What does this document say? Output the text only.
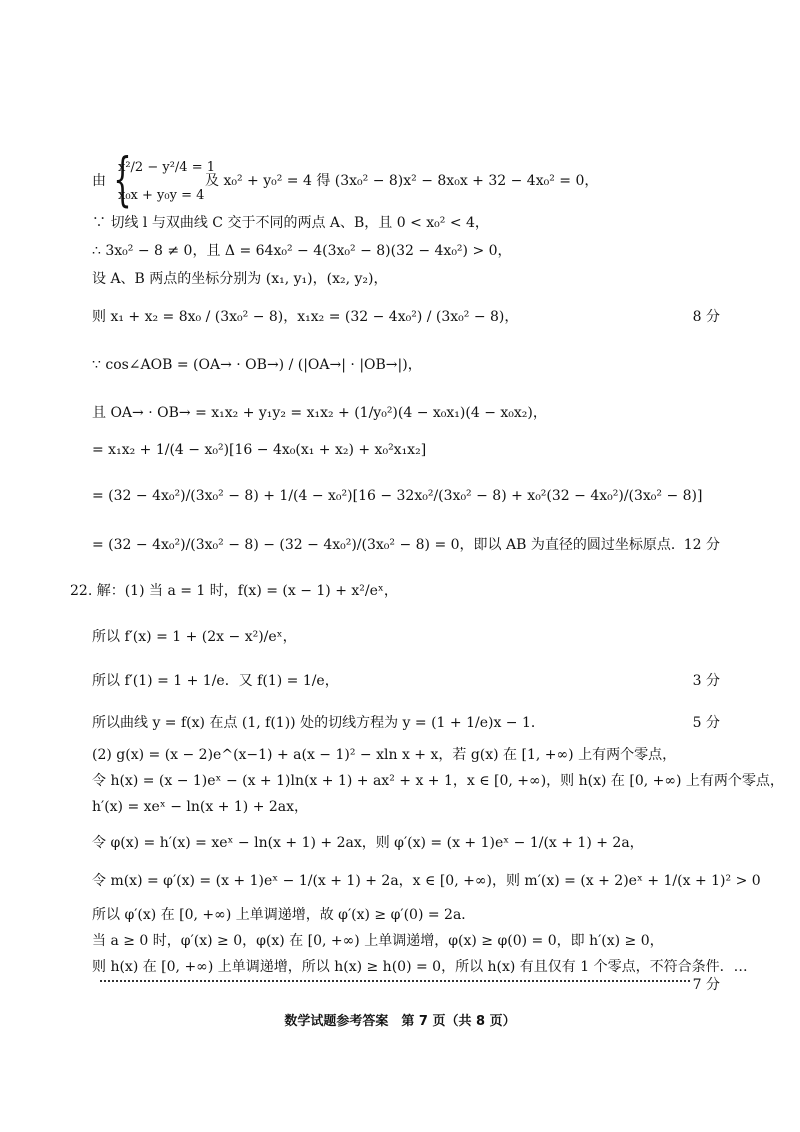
{
x²/2 − y²/4 = 1
x₀x + y₀y = 4
及 x₀² + y₀² = 4 得 (3x₀² − 8)x² − 8x₀x + 32 − 4x₀² = 0，
数学试题参考答案　第 7 页（共 8 页）
由
∵ 切线 l 与双曲线 C 交于不同的两点 A、B，且 0 < x₀² < 4，
∴ 3x₀² − 8 ≠ 0，且 Δ = 64x₀² − 4(3x₀² − 8)(32 − 4x₀²) > 0，
设 A、B 两点的坐标分别为 (x₁, y₁)，(x₂, y₂)，
则 x₁ + x₂ = 8x₀ / (3x₀² − 8)，x₁x₂ = (32 − 4x₀²) / (3x₀² − 8)，
∵ cos∠AOB = (OA→ · OB→) / (|OA→| · |OB→|)，
且 OA→ · OB→ = x₁x₂ + y₁y₂ = x₁x₂ + (1/y₀²)(4 − x₀x₁)(4 − x₀x₂)，
= x₁x₂ + 1/(4 − x₀²)[16 − 4x₀(x₁ + x₂) + x₀²x₁x₂]
= (32 − 4x₀²)/(3x₀² − 8) + 1/(4 − x₀²)[16 − 32x₀²/(3x₀² − 8) + x₀²(32 − 4x₀²)/(3x₀² − 8)]
= (32 − 4x₀²)/(3x₀² − 8) − (32 − 4x₀²)/(3x₀² − 8) = 0，即以 AB 为直径的圆过坐标原点．
22. 解：(1) 当 a = 1 时，f(x) = (x − 1) + x²/eˣ，
所以 f′(x) = 1 + (2x − x²)/eˣ，
所以 f′(1) = 1 + 1/e．又 f(1) = 1/e，
所以曲线 y = f(x) 在点 (1, f(1)) 处的切线方程为 y = (1 + 1/e)x − 1．
(2) g(x) = (x − 2)e^(x−1) + a(x − 1)² − xln x + x，若 g(x) 在 [1, +∞) 上有两个零点，
令 h(x) = (x − 1)eˣ − (x + 1)ln(x + 1) + ax² + x + 1，x ∈ [0, +∞)，则 h(x) 在 [0, +∞) 上有两个零点，
h′(x) = xeˣ − ln(x + 1) + 2ax，
令 φ(x) = h′(x) = xeˣ − ln(x + 1) + 2ax，则 φ′(x) = (x + 1)eˣ − 1/(x + 1) + 2a，
令 m(x) = φ′(x) = (x + 1)eˣ − 1/(x + 1) + 2a，x ∈ [0, +∞)，则 m′(x) = (x + 2)eˣ + 1/(x + 1)² > 0
所以 φ′(x) 在 [0, +∞) 上单调递增，故 φ′(x) ≥ φ′(0) = 2a．
当 a ≥ 0 时，φ′(x) ≥ 0，φ(x) 在 [0, +∞) 上单调递增，φ(x) ≥ φ(0) = 0，即 h′(x) ≥ 0，
则 h(x) 在 [0, +∞) 上单调递增，所以 h(x) ≥ h(0) = 0，所以 h(x) 有且仅有 1 个零点，不符合条件．…
8 分
12 分
3 分
5 分
7 分
